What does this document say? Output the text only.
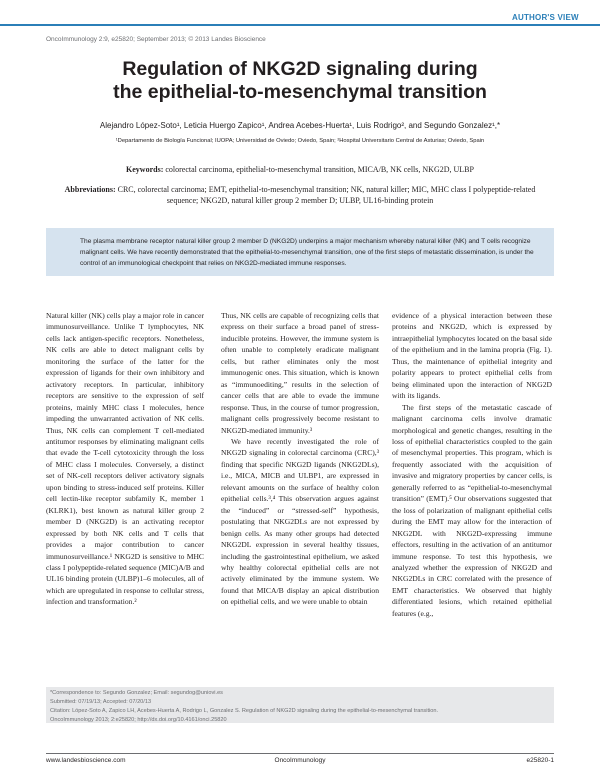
AUTHOR'S VIEW
OncoImmunology 2:9, e25820; September 2013; © 2013 Landes Bioscience
Regulation of NKG2D signaling during
the epithelial-to-mesenchymal transition
Alejandro López-Soto¹, Leticia Huergo Zapico¹, Andrea Acebes-Huerta¹, Luis Rodrigo², and Segundo Gonzalez¹,*
¹Departamento de Biología Funcional; IUOPA; Universidad de Oviedo; Oviedo, Spain; ²Hospital Universitario Central de Asturias; Oviedo, Spain
Keywords: colorectal carcinoma, epithelial-to-mesenchymal transition, MICA/B, NK cells, NKG2D, ULBP
Abbreviations: CRC, colorectal carcinoma; EMT, epithelial-to-mesenchymal transition; NK, natural killer; MIC, MHC class I polypeptide-related sequence; NKG2D, natural killer group 2 member D; ULBP, UL16-binding protein
The plasma membrane receptor natural killer group 2 member D (NKG2D) underpins a major mechanism whereby natural killer (NK) and T cells recognize malignant cells. We have recently demonstrated that the epithelial-to-mesenchymal transition, one of the first steps of metastatic dissemination, is under the control of an immunological checkpoint that relies on NKG2D-mediated immune responses.

Natural killer (NK) cells play a major role in cancer immunosurveillance. Unlike T lymphocytes, NK cells lack antigen-specific receptors. Nonetheless, NK cells are able to detect malignant cells by monitoring the surface of the latter for the expression of ligands for their own inhibitory and activatory receptors. In particular, inhibitory receptors are sensitive to the expression of self proteins, mainly MHC class I molecules, hence impeding the unwarranted activation of NK cells. Thus, NK cells can complement T cell-mediated antitumor responses by eliminating malignant cells that evade the T-cell cytotoxicity through the loss of MHC class I molecules. Conversely, a distinct set of NK-cell receptors deliver activatory signals upon binding to stress-induced self proteins. Killer cell lectin-like receptor subfamily K, member 1 (KLRK1), best known as natural killer group 2 member D (NKG2D) is an activating receptor expressed by both NK cells and T cells that provides a major contribution to cancer immunosurveillance.¹ NKG2D is sensitive to MHC class I polypeptide-related sequence (MIC)A/B and UL16 binding protein (ULBP)1–6 molecules, all of which are upregulated in response to cellular stress, infection and transformation.²

Thus, NK cells are capable of recognizing cells that express on their surface a broad panel of stress-inducible proteins. However, the immune system is often unable to completely eradicate malignant cells, but rather eliminates only the most immunogenic ones. This situation, which is known as “immunoediting,” results in the selection of cancer cells that are able to evade the immune response. Thus, in the course of tumor progression, malignant cells progressively become resistant to NKG2D-mediated immunity.³

We have recently investigated the role of NKG2D signaling in colorectal carcinoma (CRC),³ finding that specific NKG2D ligands (NKG2DLs), i.e., MICA, MICB and ULBP1, are expressed in relevant amounts on the surface of healthy colon epithelial cells.³,⁴ This observation argues against the “induced” or “stressed-self” hypothesis, postulating that NKG2DLs are not expressed by benign cells. As many other groups had detected NKG2DL expression in several healthy tissues, including the gastrointestinal epithelium, we asked why healthy colorectal epithelial cells are not actively eliminated by the immune system. We found that MICA/B display an apical distribution on epithelial cells, and we were unable to obtain

evidence of a physical interaction between these proteins and NKG2D, which is expressed by intraepithelial lymphocytes located on the basal side of the epithelium and in the lamina propria (Fig. 1). Thus, the maintenance of epithelial integrity and polarity appears to protect epithelial cells from being eliminated upon the interaction of NKG2D with its ligands.

The first steps of the metastatic cascade of malignant carcinoma cells involve dramatic morphological and genetic changes, resulting in the loss of epithelial characteristics coupled to the gain of mesenchymal properties. This program, which is frequently associated with the acquisition of invasive and migratory properties by cancer cells, is generally referred to as “epithelial-to-mesenchymal transition” (EMT).⁵ Our observations suggested that the loss of polarization of malignant epithelial cells during the EMT may allow for the interaction of NKG2DL with NKG2D-expressing immune effectors, resulting in the activation of an antitumor immune response. To test this hypothesis, we analyzed whether the expression of NKG2D and NKG2DLs in CRC correlated with the presence of EMT characteristics. We observed that highly differentiated lesions, which retained epithelial features (e.g.,

*Correspondence to: Segundo Gonzalez; Email: segundog@uniovi.es
Submitted: 07/19/13; Accepted: 07/20/13
Citation: López-Soto A, Zapico LH, Acebes-Huerta A, Rodrigo L, Gonzalez S. Regulation of NKG2D signaling during the epithelial-to-mesenchymal transition.
OncoImmunology 2013; 2:e25820; http://dx.doi.org/10.4161/onci.25820
www.landesbioscience.com	OncoImmunology	e25820-1
